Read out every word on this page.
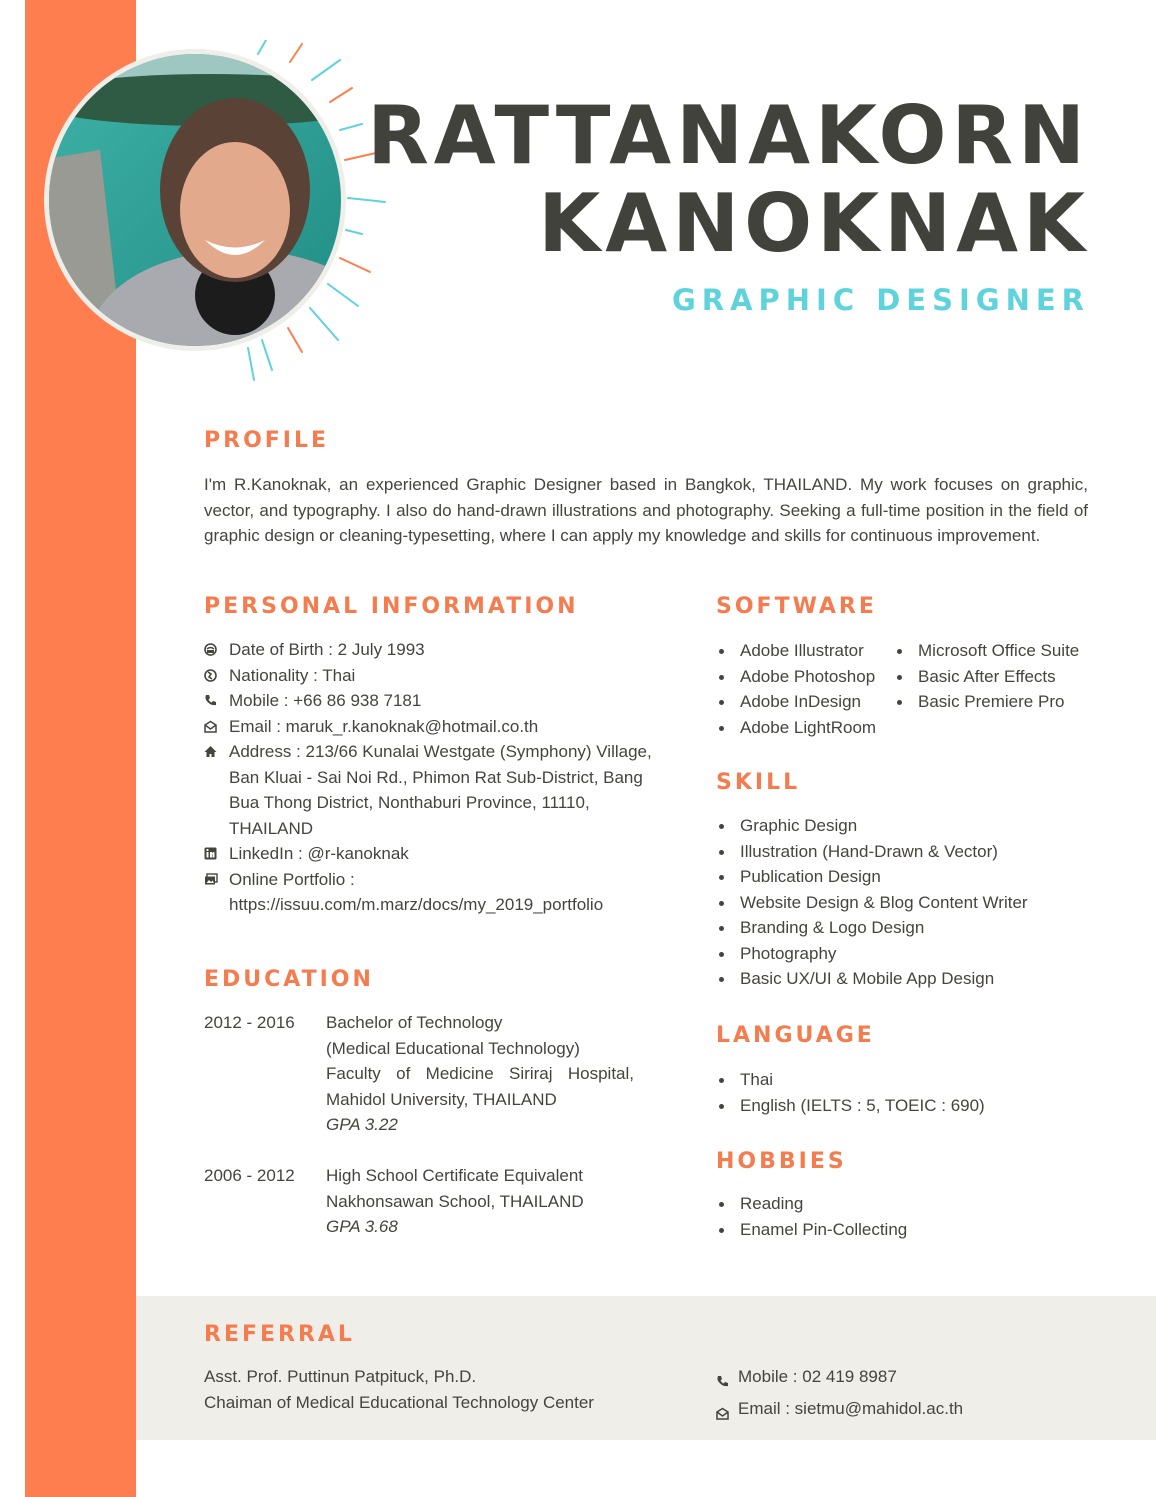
RATTANAKORN
KANOKNAK
GRAPHIC DESIGNER
PROFILE
I'm R.Kanoknak, an experienced Graphic Designer based in Bangkok, THAILAND. My work focuses on graphic, vector, and typography. I also do hand-drawn illustrations and photography. Seeking a full-time position in the field of graphic design or cleaning-typesetting, where I can apply my knowledge and skills for continuous improvement.
PERSONAL INFORMATION
Date of Birth : 2 July 1993
Nationality : Thai
Mobile : +66 86 938 7181
Email : maruk_r.kanoknak@hotmail.co.th
Address : 213/66 Kunalai Westgate (Symphony) Village, Ban Kluai - Sai Noi Rd., Phimon Rat Sub-District, Bang Bua Thong District, Nonthaburi Province, 11110, THAILAND
LinkedIn : @r-kanoknak
Online Portfolio : https://issuu.com/m.marz/docs/my_2019_portfolio
EDUCATION
2012 - 2016	Bachelor of Technology
(Medical Educational Technology)
Faculty of Medicine Siriraj Hospital, Mahidol University, THAILAND
GPA 3.22
2006 - 2012	High School Certificate Equivalent
Nakhonsawan School, THAILAND
GPA 3.68
SOFTWARE
Adobe Illustrator
Adobe Photoshop
Adobe InDesign
Adobe LightRoom
Microsoft Office Suite
Basic After Effects
Basic Premiere Pro
SKILL
Graphic Design
Illustration (Hand-Drawn & Vector)
Publication Design
Website Design & Blog Content Writer
Branding & Logo Design
Photography
Basic UX/UI & Mobile App Design
LANGUAGE
Thai
English (IELTS : 5, TOEIC : 690)
HOBBIES
Reading
Enamel Pin-Collecting
REFERRAL
Asst. Prof. Puttinun Patpituck, Ph.D.
Chaiman of Medical Educational Technology Center
Mobile : 02 419 8987
Email : sietmu@mahidol.ac.th
